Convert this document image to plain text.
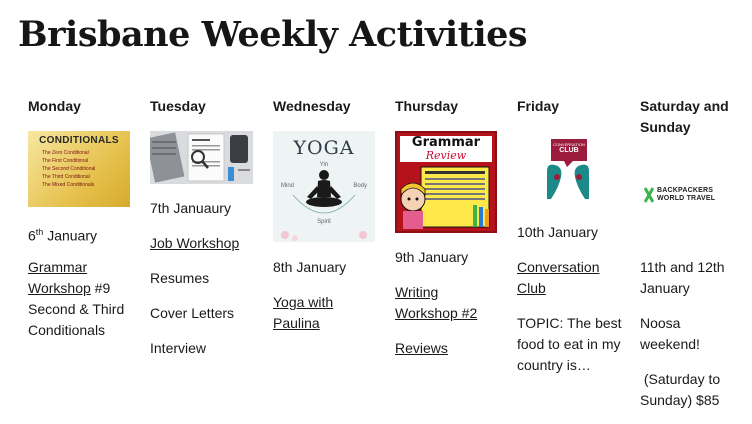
Brisbane Weekly Activities
Monday
CONDITIONALS
The Zero Conditional
The First Conditional
The Second Conditional
The Third Conditional
The Mixed Conditionals
6th January
Grammar Workshop #9
Second & Third Conditionals
Tuesday
7th Januaury
Job Workshop
Resumes
Cover Letters
Interview
Wednesday
YOGA
Yin
Mind	Body
Spirit
8th January
Yoga with Paulina
Thursday
Grammar
Review
9th January
Writing Workshop #2
Reviews
Friday
CONVERSATION
CLUB
10th January
Conversation Club
TOPIC: The best food to eat in my country is…
Saturday and Sunday
BACKPACKERS
WORLD TRAVEL
11th and 12th January
Noosa weekend!
(Saturday to Sunday) $85
